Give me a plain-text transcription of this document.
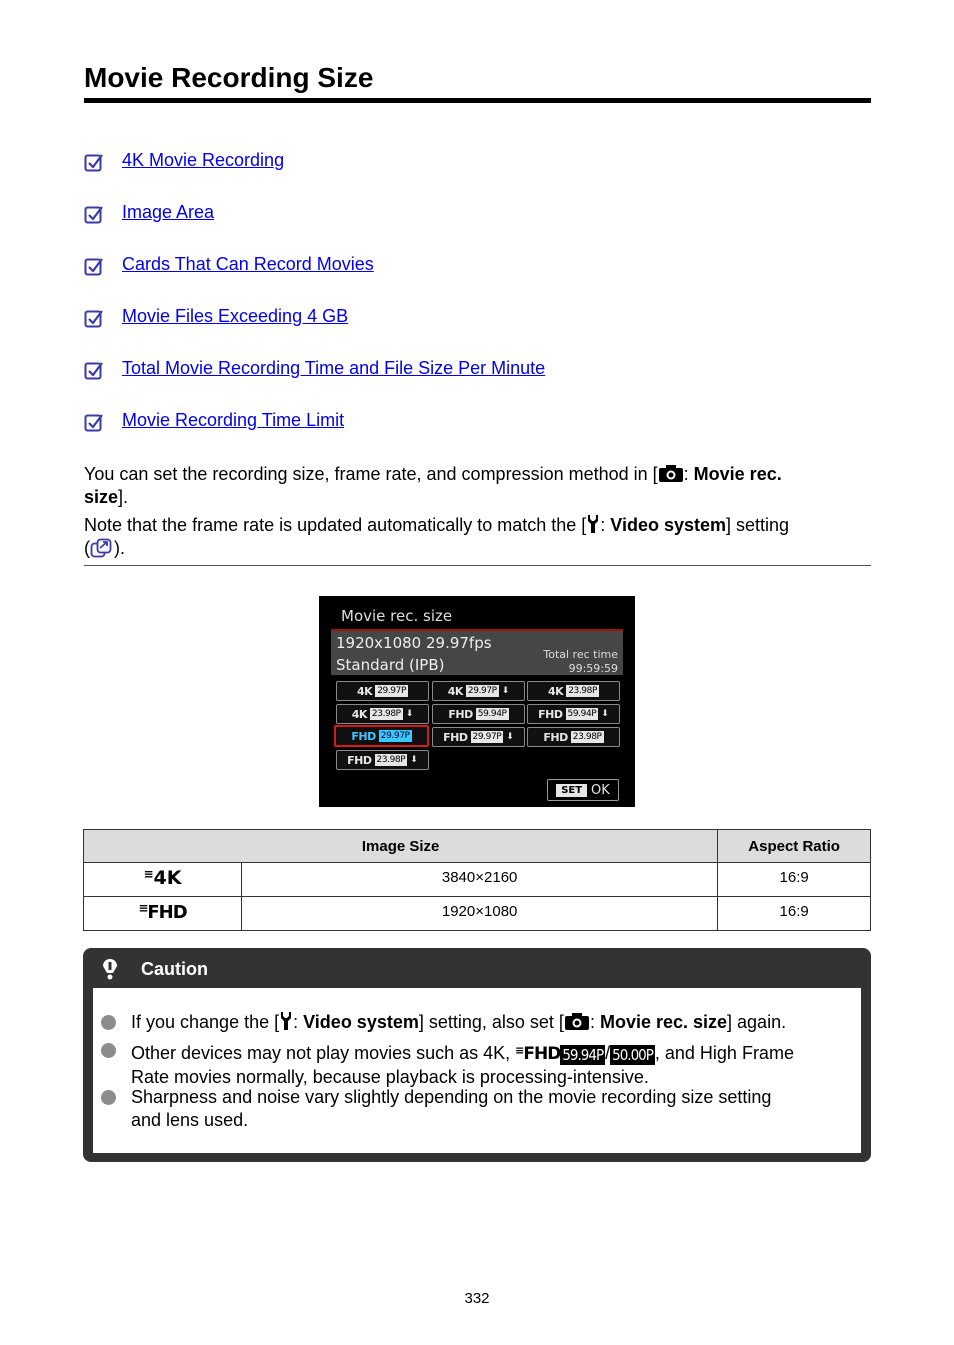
Movie Recording Size
4K Movie Recording
Image Area
Cards That Can Record Movies
Movie Files Exceeding 4 GB
Total Movie Recording Time and File Size Per Minute
Movie Recording Time Limit
You can set the recording size, frame rate, and compression method in [ : Movie rec.
size].
Note that the frame rate is updated automatically to match the [ : Video system] setting
( ).
Movie rec. size
1920x1080 29.97fps
Standard (IPB)
Total rec time
99:59:59
4K 29.97P	4K 29.97P ⬇	4K 23.98P
4K 23.98P ⬇	FHD 59.94P	FHD 59.94P ⬇
FHD 29.97P	FHD 29.97P ⬇	FHD 23.98P
FHD 23.98P ⬇
SET OK
Image Size		Aspect Ratio
≡4K	3840×2160	16:9
≡FHD	1920×1080	16:9
Caution
If you change the [ : Video system] setting, also set [ : Movie rec. size] again.
Other devices may not play movies such as 4K, ≡FHD 59.94P / 50.00P , and High Frame
Rate movies normally, because playback is processing-intensive.
Sharpness and noise vary slightly depending on the movie recording size setting
and lens used.
332
